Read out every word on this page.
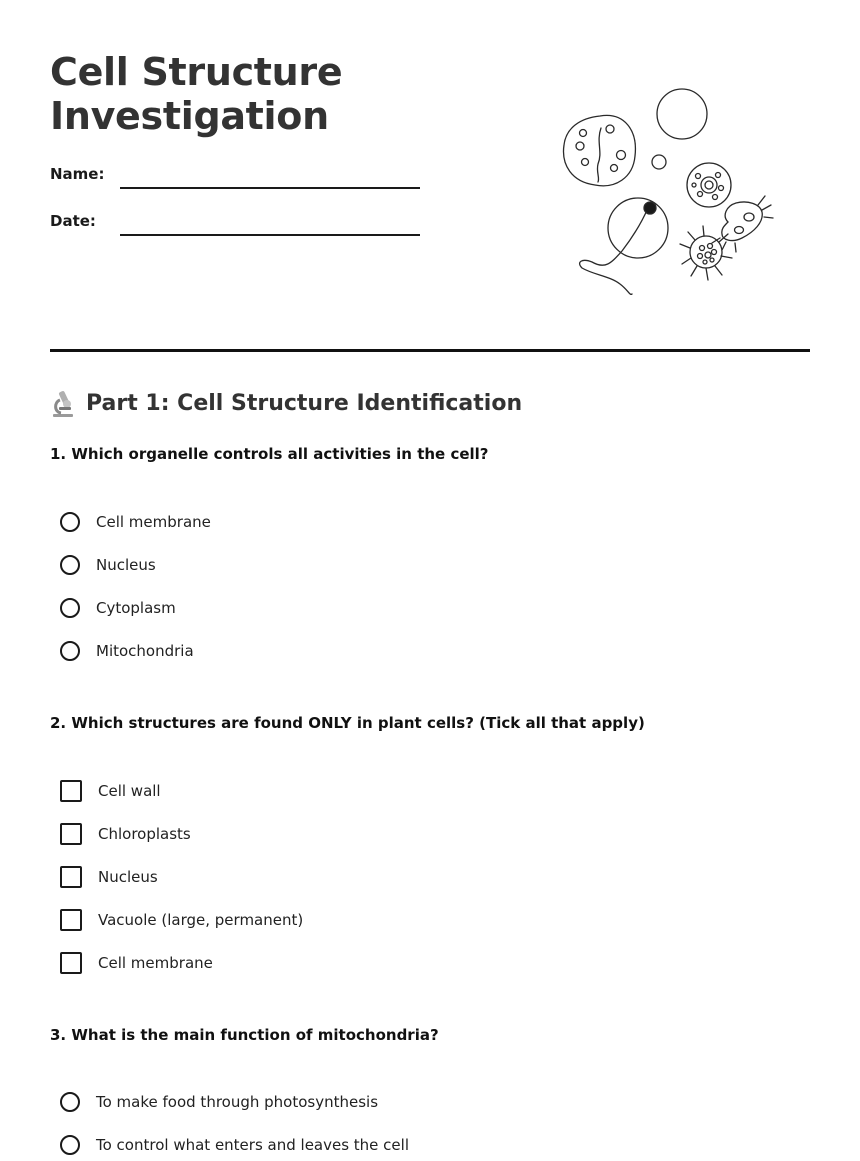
Cell Structure
Investigation
Name:
Date:
Part 1: Cell Structure Identification

1. Which organelle controls all activities in the cell?

Cell membrane
Nucleus
Cytoplasm
Mitochondria

2. Which structures are found ONLY in plant cells? (Tick all that apply)

Cell wall
Chloroplasts
Nucleus
Vacuole (large, permanent)
Cell membrane

3. What is the main function of mitochondria?

To make food through photosynthesis
To control what enters and leaves the cell
